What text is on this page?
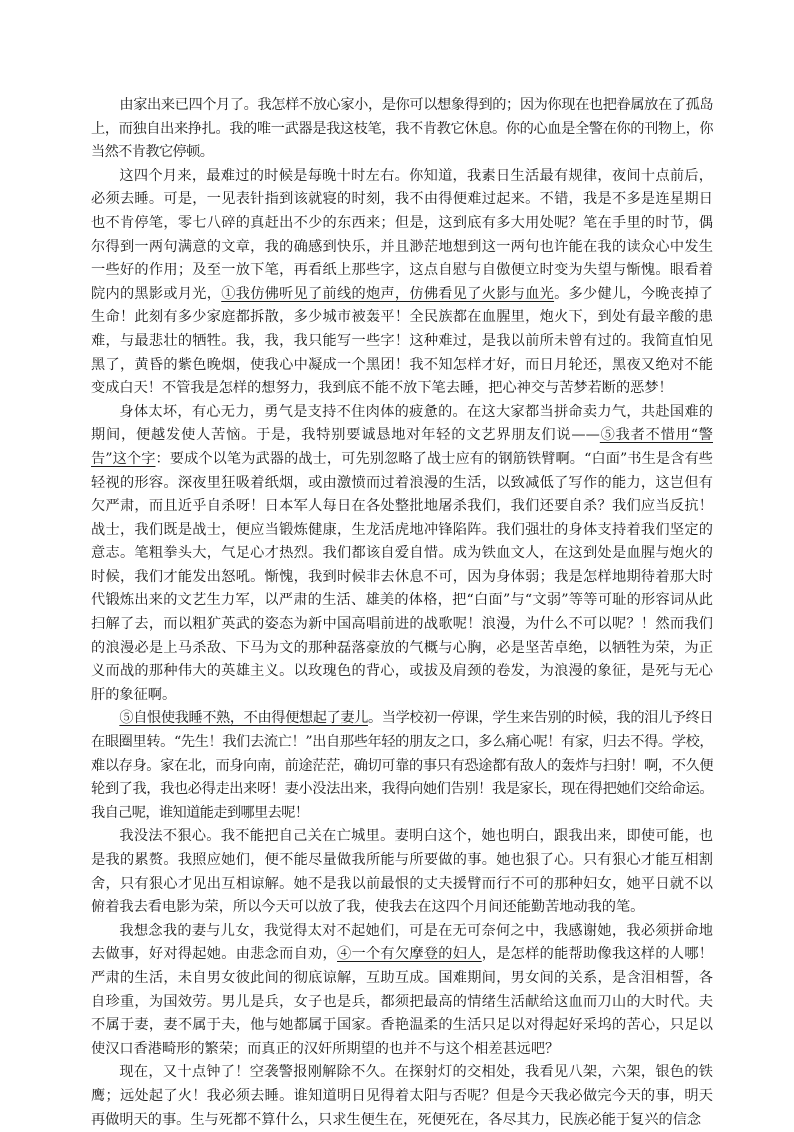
由家出来已四个月了。我怎样不放心家小，是你可以想象得到的；因为你现在也把眷属放在了孤岛上，而独自出来挣扎。我的唯一武器是我这枝笔，我不肯教它休息。你的心血是全警在你的刊物上，你当然不肯教它停顿。

这四个月来，最难过的时候是每晚十时左右。你知道，我素日生活最有规律，夜间十点前后，必须去睡。可是，一见表针指到该就寝的时刻，我不由得便难过起来。不错，我是不多是连星期日也不肯停笔，零七八碎的真赶出不少的东西来；但是，这到底有多大用处呢？笔在手里的时节，偶尔得到一两句满意的文章，我的确感到快乐，并且渺茫地想到这一两句也许能在我的读众心中发生一些好的作用；及至一放下笔，再看纸上那些字，这点自慰与自傲便立时变为失望与惭愧。眼看着院内的黑影或月光，①我仿佛听见了前线的炮声，仿佛看见了火影与血光。多少健儿，今晚丧掉了生命！此刻有多少家庭都拆散，多少城市被轰平！全民族都在血腥里，炮火下，到处有最辛酸的患难，与最悲壮的牺牲。我，我，我只能写一些字！这种难过，是我以前所未曾有过的。我简直怕见黑了，黄昏的紫色晚烟，使我心中凝成一个黑团！我不知怎样才好，而日月轮还，黑夜又绝对不能变成白天！不管我是怎样的想努力，我到底不能不放下笔去睡，把心神交与苦梦若断的恶梦！

身体太坏，有心无力，勇气是支持不住肉体的疲惫的。在这大家都当拼命卖力气，共赴国难的期间，便越发使人苦恼。于是，我特别要诚恳地对年轻的文艺界朋友们说——⑤我者不惜用“警告”这个字：要成个以笔为武器的战士，可先别忽略了战士应有的钢筋铁臂啊。“白面”书生是含有些轻视的形容。深夜里狂吸着纸烟，或由激愤而过着浪漫的生活，以致减低了写作的能力，这岂但有欠严肃，而且近乎自杀呀！日本军人每日在各处整批地屠杀我们，我们还要自杀？我们应当反抗！战士，我们既是战士，便应当锻炼健康，生龙活虎地冲锋陷阵。我们强壮的身体支持着我们坚定的意志。笔粗拳头大，气足心才热烈。我们都该自爱自惜。成为铁血文人，在这到处是血腥与炮火的时候，我们才能发出怒吼。惭愧，我到时候非去休息不可，因为身体弱；我是怎样地期待着那大时代锻炼出来的文艺生力军，以严肃的生活、雄美的体格，把“白面”与“文弱”等等可耻的形容词从此扫解了去，而以粗犷英武的姿态为新中国高唱前进的战歌呢！浪漫，为什么不可以呢？！然而我们的浪漫必是上马杀敌、下马为文的那种磊落豪放的气概与心胸，必是坚苦卓绝，以牺牲为荣，为正义而战的那种伟大的英雄主义。以玫瑰色的背心，或拔及肩颈的卷发，为浪漫的象征，是死与无心肝的象征啊。

⑤自恨使我睡不熟，不由得便想起了妻儿。当学校初一停课，学生来告别的时候，我的泪儿予终日在眼圈里转。“先生！我们去流亡！”出自那些年轻的朋友之口，多么痛心呢！有家，归去不得。学校，难以存身。家在北，而身向南，前途茫茫，确切可靠的事只有恐途都有敌人的轰炸与扫射！啊，不久便轮到了我，我也必得走出来呀！妻小没法出来，我得向她们告别！我是家长，现在得把她们交给命运。我自己呢，谁知道能走到哪里去呢！

我没法不狠心。我不能把自己关在亡城里。妻明白这个，她也明白，跟我出来，即使可能，也是我的累赘。我照应她们，便不能尽量做我所能与所要做的事。她也狠了心。只有狠心才能互相割舍，只有狠心才见出互相谅解。她不是我以前最恨的丈夫援臂而行不可的那种妇女，她平日就不以俯着我去看电影为荣，所以今天可以放了我，使我去在这四个月间还能勤苦地动我的笔。

我想念我的妻与儿女，我觉得太对不起她们，可是在无可奈何之中，我感谢她，我必须拼命地去做事，好对得起她。由悲念而自劝，④一个有欠摩登的妇人，是怎样的能帮助像我这样的人哪！严肃的生活，未自男女彼此间的彻底谅解，互助互成。国难期间，男女间的关系，是含泪相誓，各自珍重，为国效劳。男儿是兵，女子也是兵，都须把最高的情绪生活献给这血而刀山的大时代。夫不属于妻，妻不属于夫，他与她都属于国家。香艳温柔的生活只足以对得起好采坞的苦心，只足以使汉口香港畸形的繁荣；而真正的汉奸所期望的也并不与这个相差甚远吧？

现在，又十点钟了！空袭警报刚解除不久。在探射灯的交相处，我看见八架，六架，银色的铁鹰；远处起了火！我必须去睡。谁知道明日见得着太阳与否呢？但是今天我必做完今天的事，明天再做明天的事。生与死都不算什么，只求生便生在，死便死在，各尽其力，民族必能于复兴的信念
